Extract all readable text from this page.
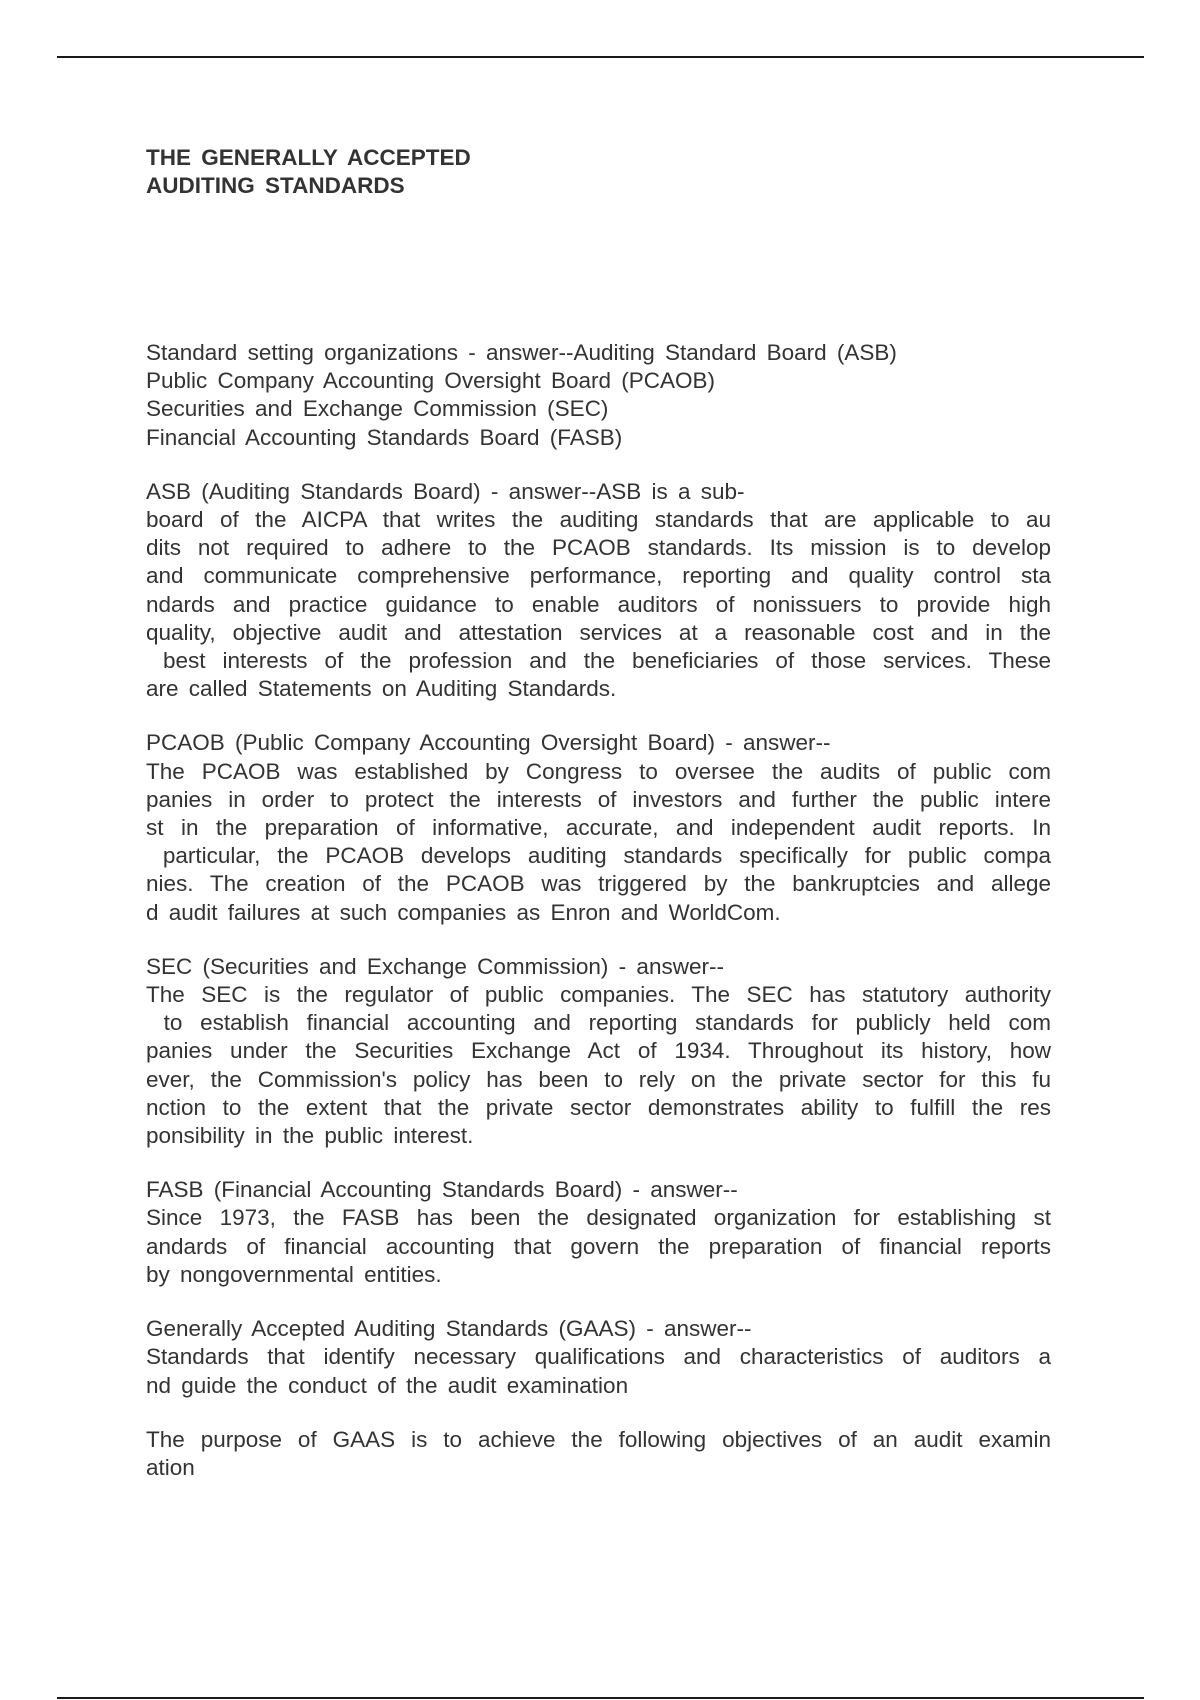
THE GENERALLY ACCEPTED
AUDITING STANDARDS
Standard setting organizations - answer--Auditing Standard Board (ASB)
Public Company Accounting Oversight Board (PCAOB)
Securities and Exchange Commission (SEC)
Financial Accounting Standards Board (FASB)
ASB (Auditing Standards Board) - answer--ASB is a sub-
board of the AICPA that writes the auditing standards that are applicable to au
dits not required to adhere to the PCAOB standards. Its mission is to develop
and communicate comprehensive performance, reporting and quality control sta
ndards and practice guidance to enable auditors of nonissuers to provide high
quality, objective audit and attestation services at a reasonable cost and in the
best interests of the profession and the beneficiaries of those services. These
are called Statements on Auditing Standards.
PCAOB (Public Company Accounting Oversight Board) - answer--
The PCAOB was established by Congress to oversee the audits of public com
panies in order to protect the interests of investors and further the public intere
st in the preparation of informative, accurate, and independent audit reports. In
particular, the PCAOB develops auditing standards specifically for public compa
nies. The creation of the PCAOB was triggered by the bankruptcies and allege
d audit failures at such companies as Enron and WorldCom.
SEC (Securities and Exchange Commission) - answer--
The SEC is the regulator of public companies. The SEC has statutory authority
to establish financial accounting and reporting standards for publicly held com
panies under the Securities Exchange Act of 1934. Throughout its history, how
ever, the Commission's policy has been to rely on the private sector for this fu
nction to the extent that the private sector demonstrates ability to fulfill the res
ponsibility in the public interest.
FASB (Financial Accounting Standards Board) - answer--
Since 1973, the FASB has been the designated organization for establishing st
andards of financial accounting that govern the preparation of financial reports
by nongovernmental entities.
Generally Accepted Auditing Standards (GAAS) - answer--
Standards that identify necessary qualifications and characteristics of auditors a
nd guide the conduct of the audit examination
The purpose of GAAS is to achieve the following objectives of an audit examin
ation
